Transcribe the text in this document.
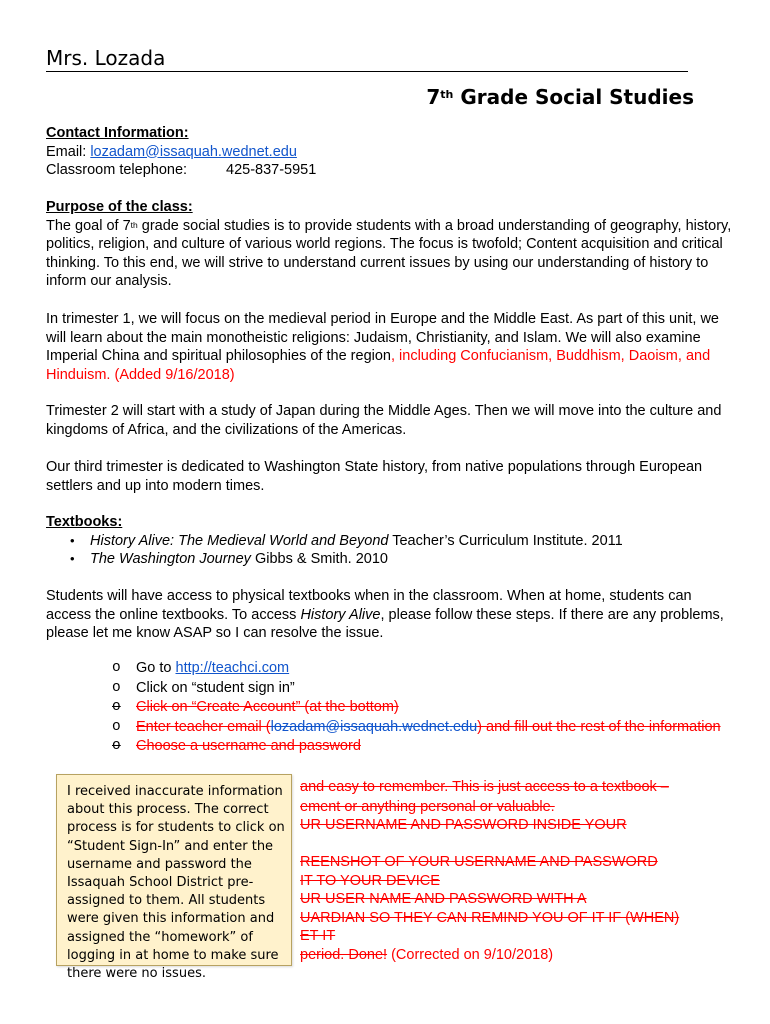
Mrs. Lozada
7th Grade Social Studies
Contact Information:
Email: lozadam@issaquah.wednet.edu
Classroom telephone:	425-837-5951
Purpose of the class:
The goal of 7th grade social studies is to provide students with a broad understanding of geography, history, politics, religion, and culture of various world regions. The focus is twofold; Content acquisition and critical thinking. To this end, we will strive to understand current issues by using our understanding of history to inform our analysis.
In trimester 1, we will focus on the medieval period in Europe and the Middle East. As part of this unit, we will learn about the main monotheistic religions: Judaism, Christianity, and Islam. We will also examine Imperial China and spiritual philosophies of the region, including Confucianism, Buddhism, Daoism, and Hinduism. (Added 9/16/2018)
Trimester 2 will start with a study of Japan during the Middle Ages. Then we will move into the culture and kingdoms of Africa, and the civilizations of the Americas.
Our third trimester is dedicated to Washington State history, from native populations through European settlers and up into modern times.
Textbooks:
• History Alive: The Medieval World and Beyond Teacher’s Curriculum Institute. 2011
• The Washington Journey Gibbs & Smith. 2010
Students will have access to physical textbooks when in the classroom. When at home, students can access the online textbooks. To access History Alive, please follow these steps. If there are any problems, please let me know ASAP so I can resolve the issue.
o Go to http://teachci.com
o Click on “student sign in”
o Click on “Create Account” (at the bottom)
o Enter teacher email (lozadam@issaquah.wednet.edu) and fill out the rest of the information
o Choose a username and password
and easy to remember. This is just access to a textbook –
ement or anything personal or valuable.
UR USERNAME AND PASSWORD INSIDE YOUR
REENSHOT OF YOUR USERNAME AND PASSWORD
IT TO YOUR DEVICE
UR USER NAME AND PASSWORD WITH A
UARDIAN SO THEY CAN REMIND YOU OF IT IF (WHEN)
ET IT
period. Done! (Corrected on 9/10/2018)
I received inaccurate information about this process. The correct process is for students to click on “Student Sign-In” and enter the username and password the Issaquah School District pre-assigned to them. All students were given this information and assigned the “homework” of logging in at home to make sure there were no issues.
